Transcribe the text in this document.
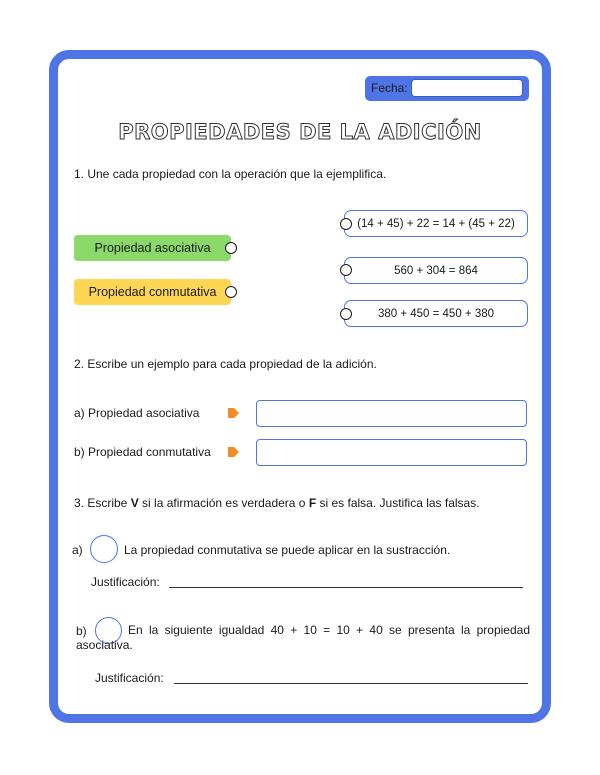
Fecha:
PROPIEDADES DE LA ADICIÓN
1. Une cada propiedad con la operación que la ejemplifica.
Propiedad asociativa
Propiedad conmutativa
(14 + 45) + 22 = 14 + (45 + 22)
560 + 304 = 864
380 + 450 = 450 + 380
2. Escribe un ejemplo para cada propiedad de la adición.
a) Propiedad asociativa
b) Propiedad conmutativa
3. Escribe V si la afirmación es verdadera o F si es falsa. Justifica las falsas.
a)	La propiedad conmutativa se puede aplicar en la sustracción.
Justificación:
b)	En la siguiente igualdad 40 + 10 = 10 + 40 se presenta la propiedad asociativa.
Justificación:
